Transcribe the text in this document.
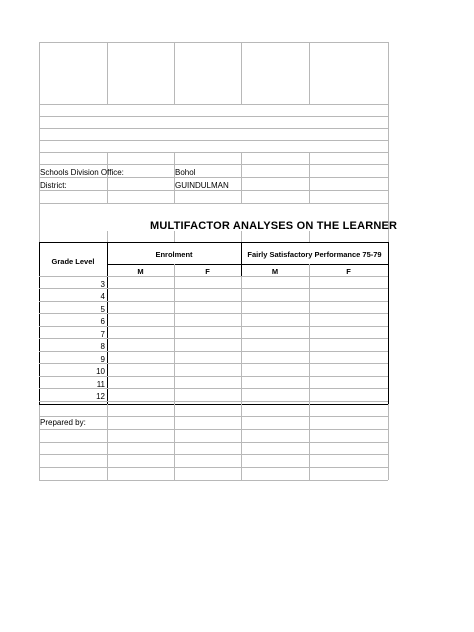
Schools Division Office:	Bohol
District:	GUINDULMAN
MULTIFACTOR ANALYSES ON THE LEARNER
Grade Level
Enrolment	Fairly Satisfactory Performance 75-79
M	F	M	F
3
4
5
6
7
8
9
10
11
12
Prepared by:
